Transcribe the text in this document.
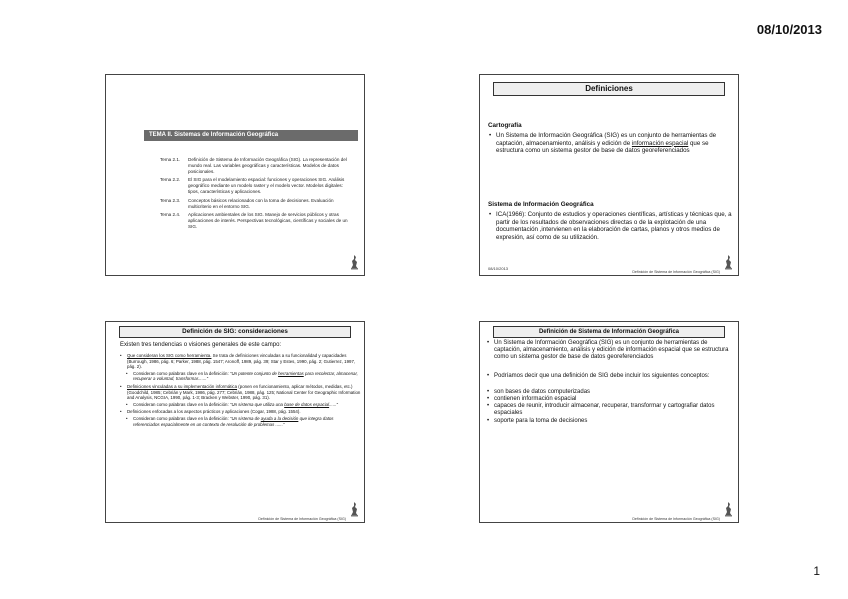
08/10/2013
TEMA II. Sistemas de Información Geográfica
Tema 2.1.	Definición de Sistema de Información Geográfica (SIG). La representación del mundo real. Las variables geográficas y características. Modelos de datos posicionales.
Tema 2.2.	El SIG para el modelamiento espacial: funciones y operaciones SIG. Análisis geográfico mediante un modelo raster y el modelo vector. Modelos digitales: tipos, características y aplicaciones.
Tema 2.3.	Conceptos básicos relacionados con la toma de decisiones. Evaluación multicriterio en el entorno SIG.
Tema 2.4.	Aplicaciones ambientales de los SIG. Manejo de servicios públicos y otras aplicaciones de interés. Perspectivas tecnológicas, científicas y sociales de un SIG.
Definiciones
Cartografía
• Un Sistema de Información Geográfica (SIG) es un conjunto de herramientas de captación, almacenamiento, análisis y edición de información espacial que se estructura como un sistema gestor de base de datos georeferenciados
Sistema de Información Geográfica
• ICA(1966): Conjunto de estudios y operaciones científicas, artísticas y técnicas que, a partir de los resultados de observaciones directas o de la explotación de una documentación ,intervienen en la elaboración de cartas, planos y otros medios de expresión, así como de su utilización.
08/10/2013
Definición de Sistema de Información Geográfica (SIG)
Definición de SIG: consideraciones
Existen tres tendencias o visiones generales de este campo:
• Que consideran los SIG como herramienta. Se trata de definiciones vinculadas a su funcionalidad y capacidades (Burrough, 1986, pág. 6; Parker, 1988, pág. 1547; Aronoff, 1989, pág. 39; Star y Estes, 1990, pág. 2; Gutierrez, 1997, pág. 2).
• Consideran como palabras clave en la definición: "Un potente conjunto de herramientas para recolectar, almacenar, recuperar a voluntad, transformar......."
• Definiciones vinculadas a su implementación informática (ponen en funcionamiento, aplicar métodos, medidas, etc.) (Goodchild, 1985; Cebrián y Mark, 1986, pág. 277; Cebrián, 1988, pág. 125; National Center for Geographic Information and Analysis, NCGIA, 1990, pág. 1-3; Bracken y Webster, 1990, pág. 31).
• Consideran como palabras clave en la definición: "Un sistema que utiliza una base de datos espacial......"
• Definiciones enfocadas a los aspectos prácticos y aplicaciones (Cogar, 1988, pág. 1554).
• Consideran como palabras clave en la definición: "Un sistema de ayuda a la decisión que integra datos referenciados espacialmente en un contexto de resolución de problemas ......"
Definición de Sistema de Información Geográfica (SIG)
Definición de Sistema de Información Geográfica
• Un Sistema de Información Geográfica (SIG) es un conjunto de herramientas de captación, almacenamiento, análisis y edición de información espacial que se estructura como un sistema gestor de base de datos georeferenciados
• Podríamos decir que una definición de SIG debe incluir los siguientes conceptos:
• son bases de datos computerizadas
• contienen información espacial
• capaces de reunir, introducir almacenar, recuperar, transformar y cartografiar datos espaciales
• soporte para la toma de decisiones
Definición de Sistema de Información Geográfica (SIG)
1
